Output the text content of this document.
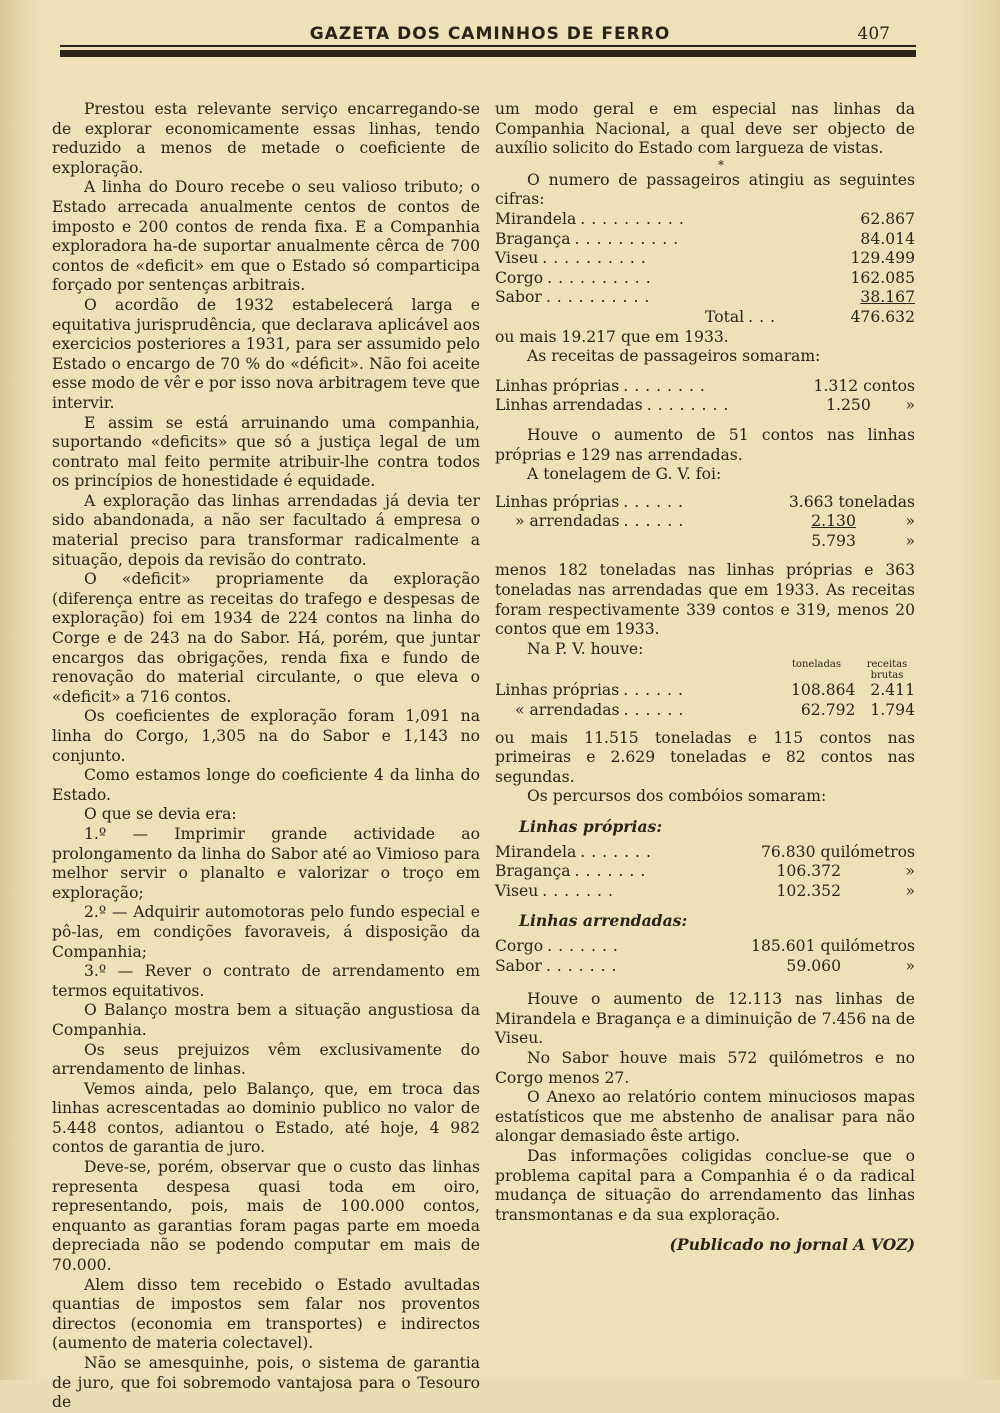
GAZETA DOS CAMINHOS DE FERRO	407

Prestou esta relevante serviço encarregando-se de explorar economicamente essas linhas, tendo reduzido a menos de metade o coeficiente de exploração.

A linha do Douro recebe o seu valioso tributo; o Estado arrecada anualmente centos de contos de imposto e 200 contos de renda fixa. E a Companhia exploradora ha-de suportar anualmente cêrca de 700 contos de «deficit» em que o Estado só comparticipa forçado por sentenças arbitrais.

O acordão de 1932 estabelecerá larga e equitativa jurisprudência, que declarava aplicável aos exercicios posteriores a 1931, para ser assumido pelo Estado o encargo de 70 % do «déficit». Não foi aceite esse modo de vêr e por isso nova arbitragem teve que intervir.

E assim se está arruinando uma companhia, suportando «deficits» que só a justiça legal de um contrato mal feito permite atribuir-lhe contra todos os princípios de honestidade é equidade.

A exploração das linhas arrendadas já devia ter sido abandonada, a não ser facultado á empresa o material preciso para transformar radicalmente a situação, depois da revisão do contrato.

O «deficit» propriamente da exploração (diferença entre as receitas do trafego e despesas de exploração) foi em 1934 de 224 contos na linha do Corge e de 243 na do Sabor. Há, porém, que juntar encargos das obrigações, renda fixa e fundo de renovação do material circulante, o que eleva o «deficit» a 716 contos.

Os coeficientes de exploração foram 1,091 na linha do Corgo, 1,305 na do Sabor e 1,143 no conjunto.

Como estamos longe do coeficiente 4 da linha do Estado.

O que se devia era:

1.º — Imprimir grande actividade ao prolongamento da linha do Sabor até ao Vimioso para melhor servir o planalto e valorizar o troço em exploração;

2.º — Adquirir automotoras pelo fundo especial e pô-las, em condições favoraveis, á disposição da Companhia;

3.º — Rever o contrato de arrendamento em termos equitativos.

O Balanço mostra bem a situação angustiosa da Companhia.

Os seus prejuizos vêm exclusivamente do arrendamento de linhas.

Vemos ainda, pelo Balanço, que, em troca das linhas acrescentadas ao dominio publico no valor de 5.448 contos, adiantou o Estado, até hoje, 4 982 contos de garantia de juro.

Deve-se, porém, observar que o custo das linhas representa despesa quasi toda em oiro, representando, pois, mais de 100.000 contos, enquanto as garantias foram pagas parte em moeda depreciada não se podendo computar em mais de 70.000.

Alem disso tem recebido o Estado avultadas quantias de impostos sem falar nos proventos directos (economia em transportes) e indirectos (aumento de materia colectavel).

Não se amesquinhe, pois, o sistema de garantia de juro, que foi sobremodo vantajosa para o Tesouro de

um modo geral e em especial nas linhas da Companhia Nacional, a qual deve ser objecto de auxílio solicito do Estado com largueza de vistas.

*

O numero de passageiros atingiu as seguintes cifras:

Mirandela ..........	62.867
Bragança ..........	84.014
Viseu ..........	129.499
Corgo ..........	162.085
Sabor ..........	38.167
Total ...	476.632

ou mais 19.217 que em 1933.

As receitas de passageiros somaram:

Linhas próprias ........	1.312 contos
Linhas arrendadas ........	1.250 »

Houve o aumento de 51 contos nas linhas próprias e 129 nas arrendadas.

A tonelagem de G. V. foi:

Linhas próprias ......	3.663 toneladas
» arrendadas ......	2.130	»
5.793	»

menos 182 toneladas nas linhas próprias e 363 toneladas nas arrendadas que em 1933. As receitas foram respectivamente 339 contos e 319, menos 20 contos que em 1933.

Na P. V. houve:

toneladas	receitas brutas
Linhas próprias ......	108.864 2.411
« arrendadas ......	62.792 1.794

ou mais 11.515 toneladas e 115 contos nas primeiras e 2.629 toneladas e 82 contos nas segundas.

Os percursos dos combóios somaram:

Linhas próprias:
Mirandela .......	76.830 quilómetros
Bragança .......	106.372	»
Viseu .......	102.352	»
Linhas arrendadas:
Corgo .......	185.601 quilómetros
Sabor .......	59.060	»

Houve o aumento de 12.113 nas linhas de Mirandela e Bragança e a diminuição de 7.456 na de Viseu.

No Sabor houve mais 572 quilómetros e no Corgo menos 27.

O Anexo ao relatório contem minuciosos mapas estatísticos que me abstenho de analisar para não alongar demasiado êste artigo.

Das informações coligidas conclue-se que o problema capital para a Companhia é o da radical mudança de situação do arrendamento das linhas transmontanas e da sua exploração.

(Publicado no jornal A VOZ)
